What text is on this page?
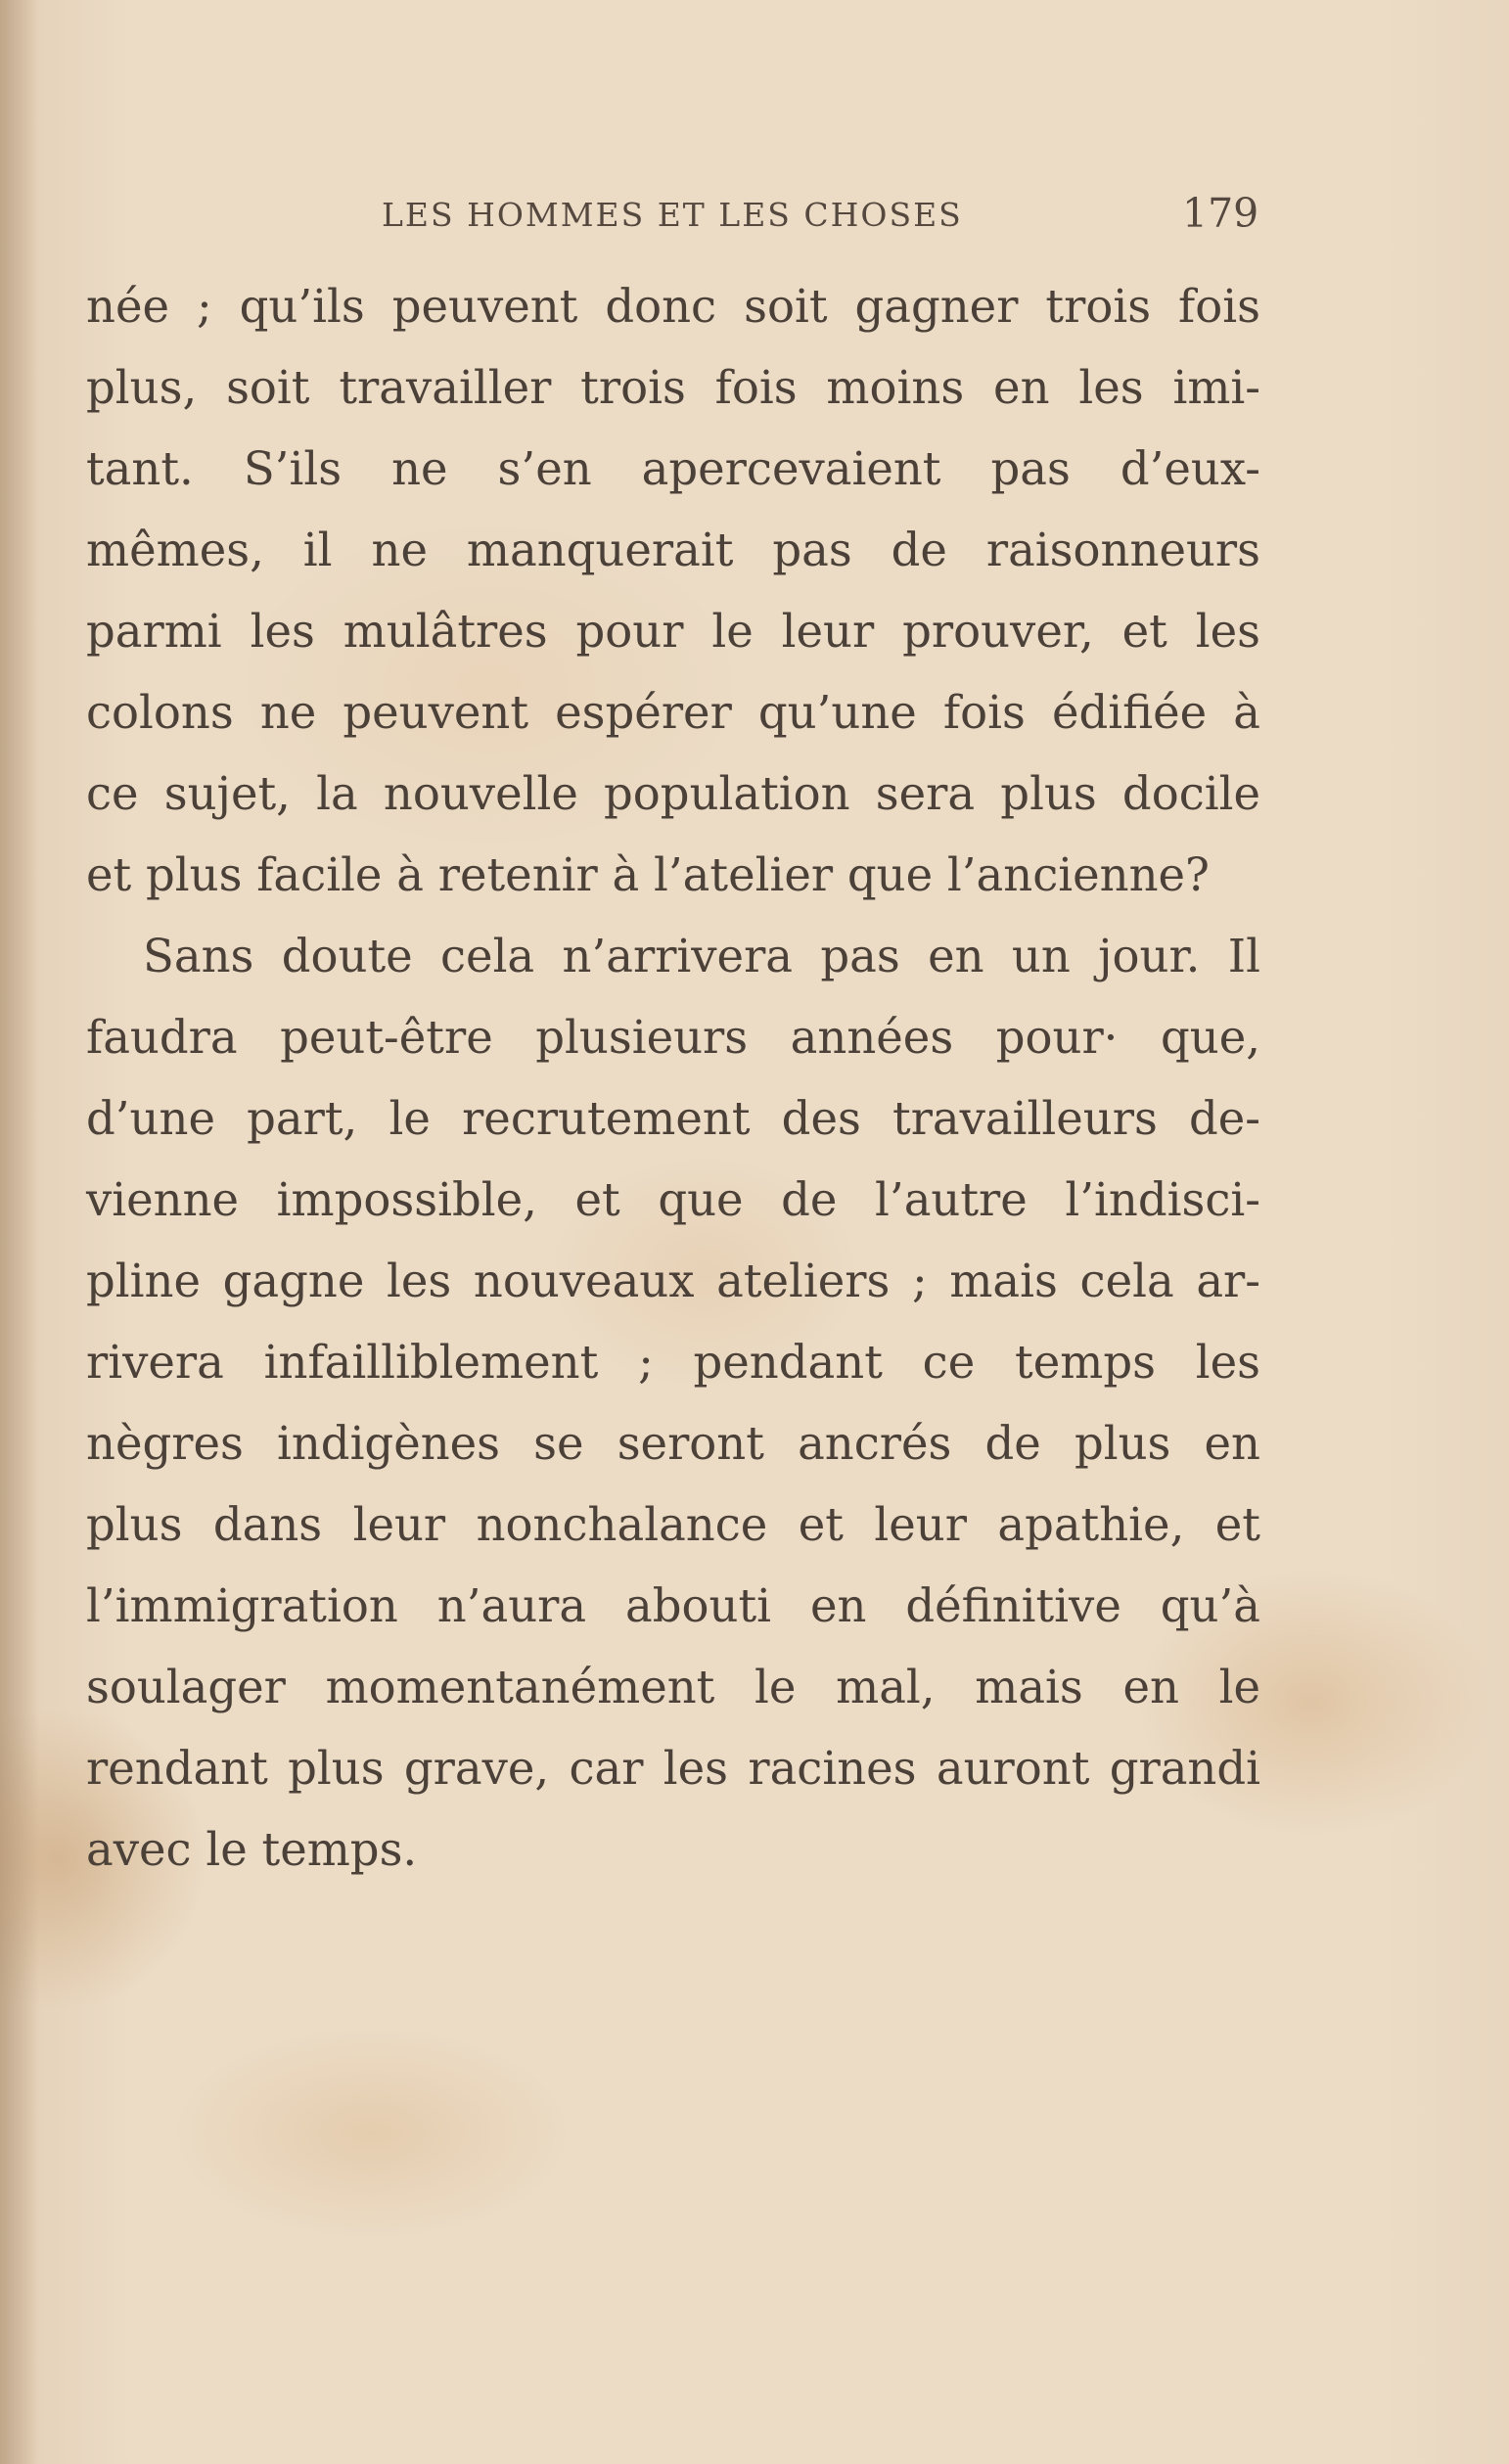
LES HOMMES ET LES CHOSES	179
née ; qu’ils peuvent donc soit gagner trois fois
plus, soit travailler trois fois moins en les imi-
tant. S’ils ne s’en apercevaient pas d’eux-
mêmes, il ne manquerait pas de raisonneurs
parmi les mulâtres pour le leur prouver, et les
colons ne peuvent espérer qu’une fois édifiée à
ce sujet, la nouvelle population sera plus docile
et plus facile à retenir à l’atelier que l’ancienne?
Sans doute cela n’arrivera pas en un jour. Il
faudra peut-être plusieurs années pour· que,
d’une part, le recrutement des travailleurs de-
vienne impossible, et que de l’autre l’indisci-
pline gagne les nouveaux ateliers ; mais cela ar-
rivera infailliblement ; pendant ce temps les
nègres indigènes se seront ancrés de plus en
plus dans leur nonchalance et leur apathie, et
l’immigration n’aura abouti en définitive qu’à
soulager momentanément le mal, mais en le
rendant plus grave, car les racines auront grandi
avec le temps.
